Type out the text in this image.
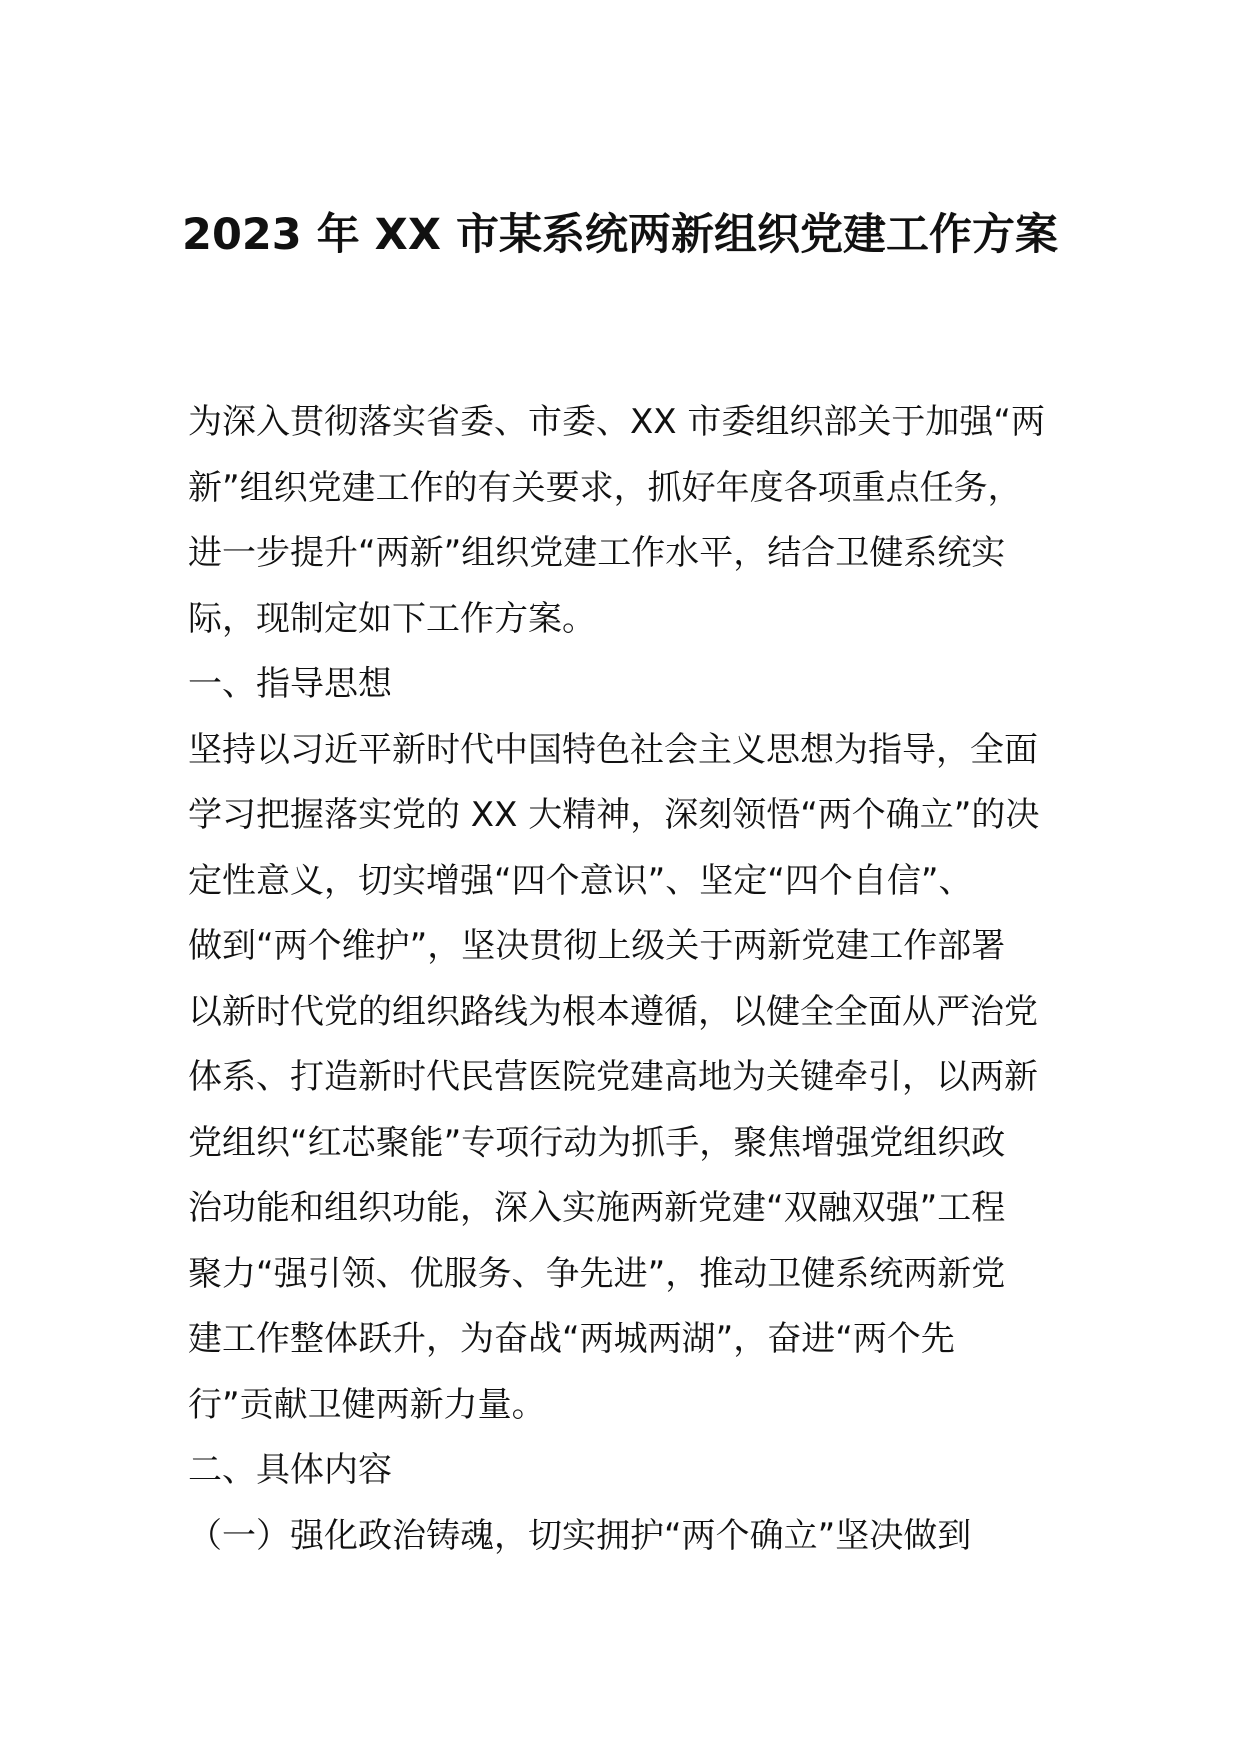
2023 年 XX 市某系统两新组织党建工作方案
为深入贯彻落实省委、市委、XX 市委组织部关于加强“两
新”组织党建工作的有关要求，抓好年度各项重点任务，
进一步提升“两新”组织党建工作水平，结合卫健系统实
际，现制定如下工作方案。
一、指导思想
坚持以习近平新时代中国特色社会主义思想为指导，全面
学习把握落实党的 XX 大精神，深刻领悟“两个确立”的决
定性意义，切实增强“四个意识”、坚定“四个自信”、
做到“两个维护”，坚决贯彻上级关于两新党建工作部署
以新时代党的组织路线为根本遵循，以健全全面从严治党
体系、打造新时代民营医院党建高地为关键牵引，以两新
党组织“红芯聚能”专项行动为抓手，聚焦增强党组织政
治功能和组织功能，深入实施两新党建“双融双强”工程
聚力“强引领、优服务、争先进”，推动卫健系统两新党
建工作整体跃升，为奋战“两城两湖”，奋进“两个先
行”贡献卫健两新力量。
二、具体内容
（一）强化政治铸魂，切实拥护“两个确立”坚决做到
